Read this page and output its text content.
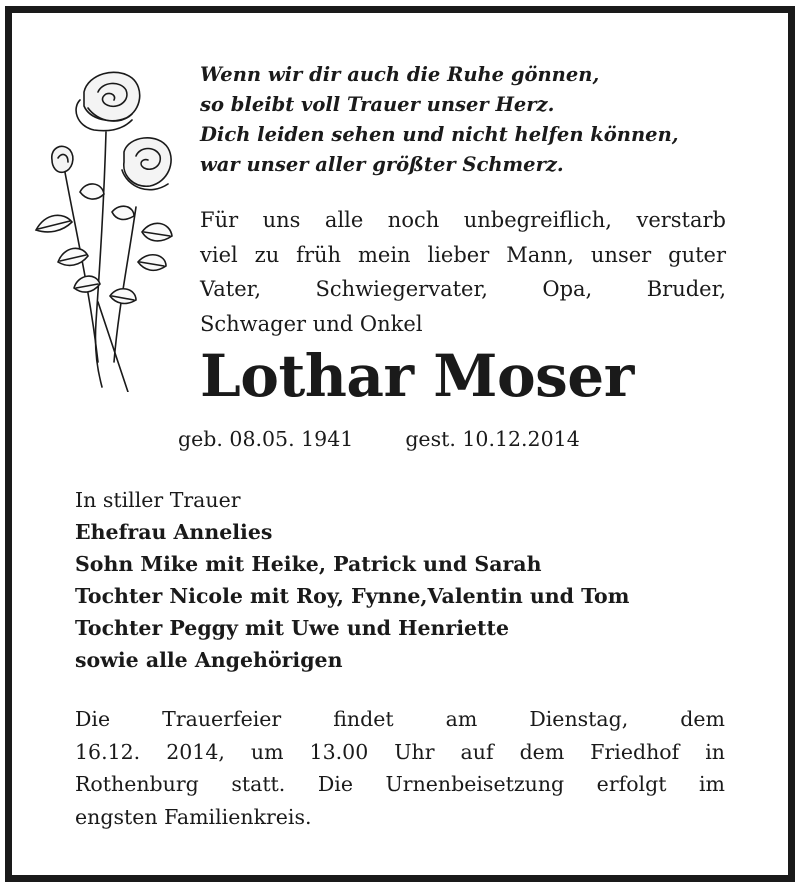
Wenn wir dir auch die Ruhe gönnen,
so bleibt voll Trauer unser Herz.
Dich leiden sehen und nicht helfen können,
war unser aller größter Schmerz.
Für uns alle noch unbegreiflich, verstarb
viel zu früh mein lieber Mann, unser guter
Vater, Schwiegervater, Opa, Bruder,
Schwager und Onkel
Lothar Moser
geb. 08.05. 1941	gest. 10.12.2014
In stiller Trauer
Ehefrau Annelies
Sohn Mike mit Heike, Patrick und Sarah
Tochter Nicole mit Roy, Fynne,Valentin und Tom
Tochter Peggy mit Uwe und Henriette
sowie alle Angehörigen
Die Trauerfeier findet am Dienstag, dem
16.12. 2014, um 13.00 Uhr auf dem Friedhof in
Rothenburg statt. Die Urnenbeisetzung erfolgt im
engsten Familienkreis.
